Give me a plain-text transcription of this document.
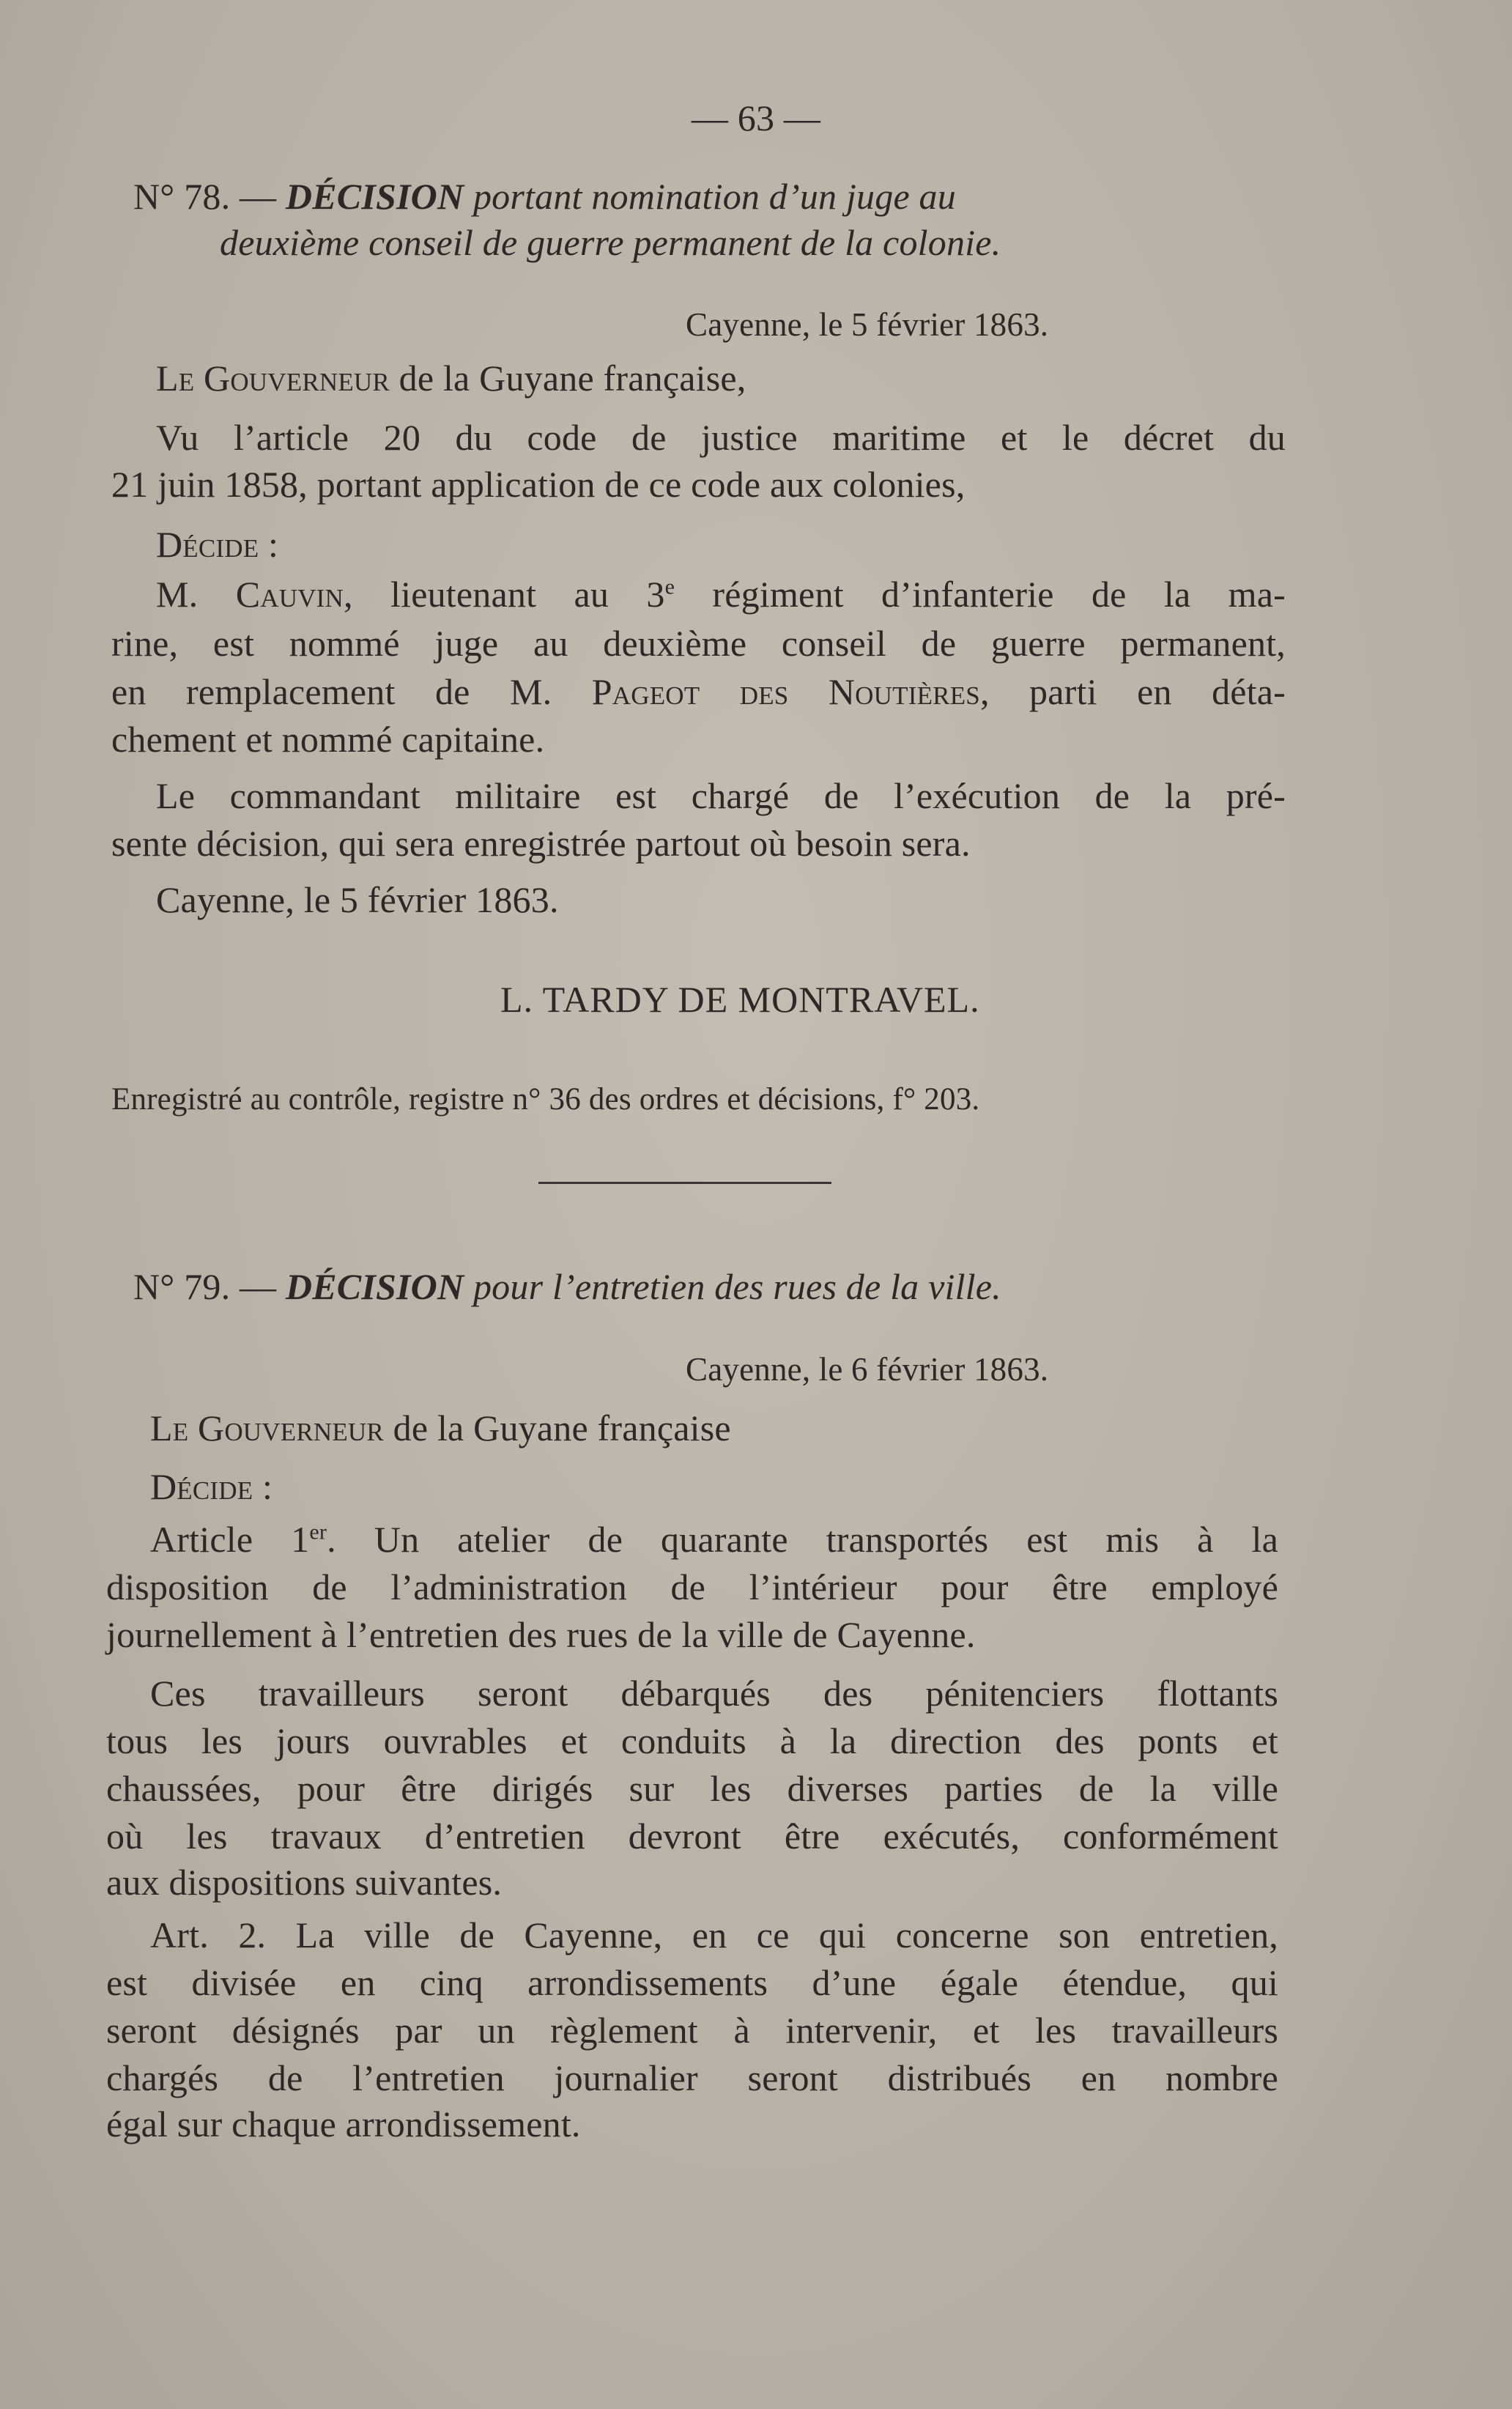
— 63 —
N° 78. — DÉCISION portant nomination d’un juge au
deuxième conseil de guerre permanent de la colonie.
Cayenne, le 5 février 1863.
Le Gouverneur de la Guyane française,
Vu l’article 20 du code de justice maritime et le décret du
21 juin 1858, portant application de ce code aux colonies,
Décide :
M. Cauvin, lieutenant au 3e régiment d’infanterie de la ma-
rine, est nommé juge au deuxième conseil de guerre permanent,
en remplacement de M. Pageot des Noutières, parti en déta-
chement et nommé capitaine.
Le commandant militaire est chargé de l’exécution de la pré-
sente décision, qui sera enregistrée partout où besoin sera.
Cayenne, le 5 février 1863.
L. TARDY DE MONTRAVEL.
Enregistré au contrôle, registre n° 36 des ordres et décisions, f° 203.
N° 79. — DÉCISION pour l’entretien des rues de la ville.
Cayenne, le 6 février 1863.
Le Gouverneur de la Guyane française
Décide :
Article 1er. Un atelier de quarante transportés est mis à la
disposition de l’administration de l’intérieur pour être employé
journellement à l’entretien des rues de la ville de Cayenne.
Ces travailleurs seront débarqués des pénitenciers flottants
tous les jours ouvrables et conduits à la direction des ponts et
chaussées, pour être dirigés sur les diverses parties de la ville
où les travaux d’entretien devront être exécutés, conformément
aux dispositions suivantes.
Art. 2. La ville de Cayenne, en ce qui concerne son entretien,
est divisée en cinq arrondissements d’une égale étendue, qui
seront désignés par un règlement à intervenir, et les travailleurs
chargés de l’entretien journalier seront distribués en nombre
égal sur chaque arrondissement.
